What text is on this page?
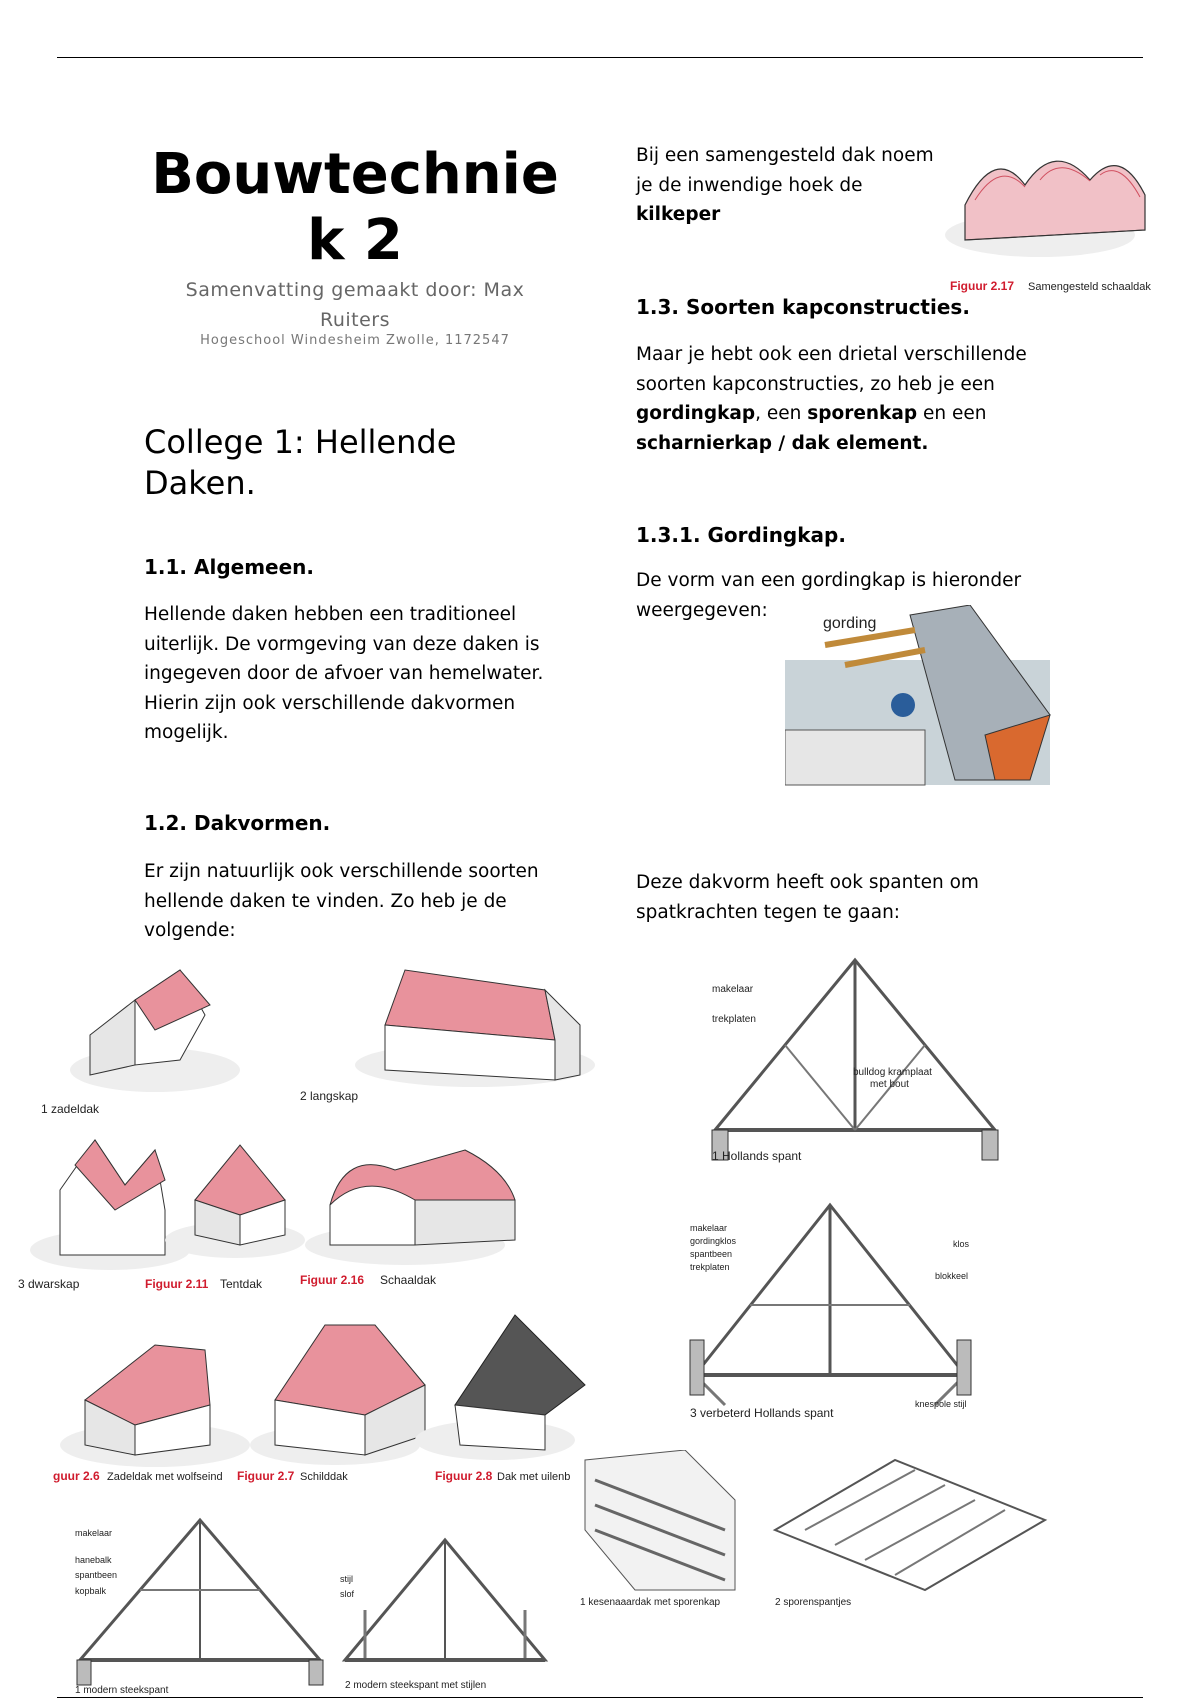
Bouwtechnie
k 2
Samenvatting gemaakt door: Max
Ruiters
Hogeschool Windesheim Zwolle, 1172547
College 1: Hellende
Daken.
1.1. Algemeen.
Hellende daken hebben een traditioneel
uiterlijk. De vormgeving van deze daken is
ingegeven door de afvoer van hemelwater.
Hierin zijn ook verschillende dakvormen
mogelijk.
1.2. Dakvormen.
Er zijn natuurlijk ook verschillende soorten
hellende daken te vinden. Zo heb je de
volgende:
Bij een samengesteld dak noem
je de inwendige hoek de
kilkeper
1.3. Soorten kapconstructies.
Maar je hebt ook een drietal verschillende
soorten kapconstructies, zo heb je een
gordingkap, een sporenkap en een
scharnierkap / dak element.
1.3.1. Gordingkap.
De vorm van een gordingkap is hieronder
weergegeven:
Deze dakvorm heeft ook spanten om
spatkrachten tegen te gaan:
Figuur 2.17 Samengesteld schaaldak
gording
1 zadeldak
2 langskap
3 dwarskap	Figuur 2.11 Tentdak	Figuur 2.16 Schaaldak
guur 2.6 Zadeldak met wolfseind Figuur 2.7 Schilddak	Figuur 2.8 Dak met uilenb
makelaar
trekplaten
bulldog kramplaat
met bout
1 Hollands spant
makelaar
gordingklos
spantbeen
trekplaten
klos
blokkeel
knespole stijl
3 verbeterd Hollands spant
makelaar
hanebalk
spantbeen
kopbalk
1 modern steekspant
stijl
slof
2 modern steekspant met stijlen
1 kesenaaardak met sporenkap	2 sporenspantjes
